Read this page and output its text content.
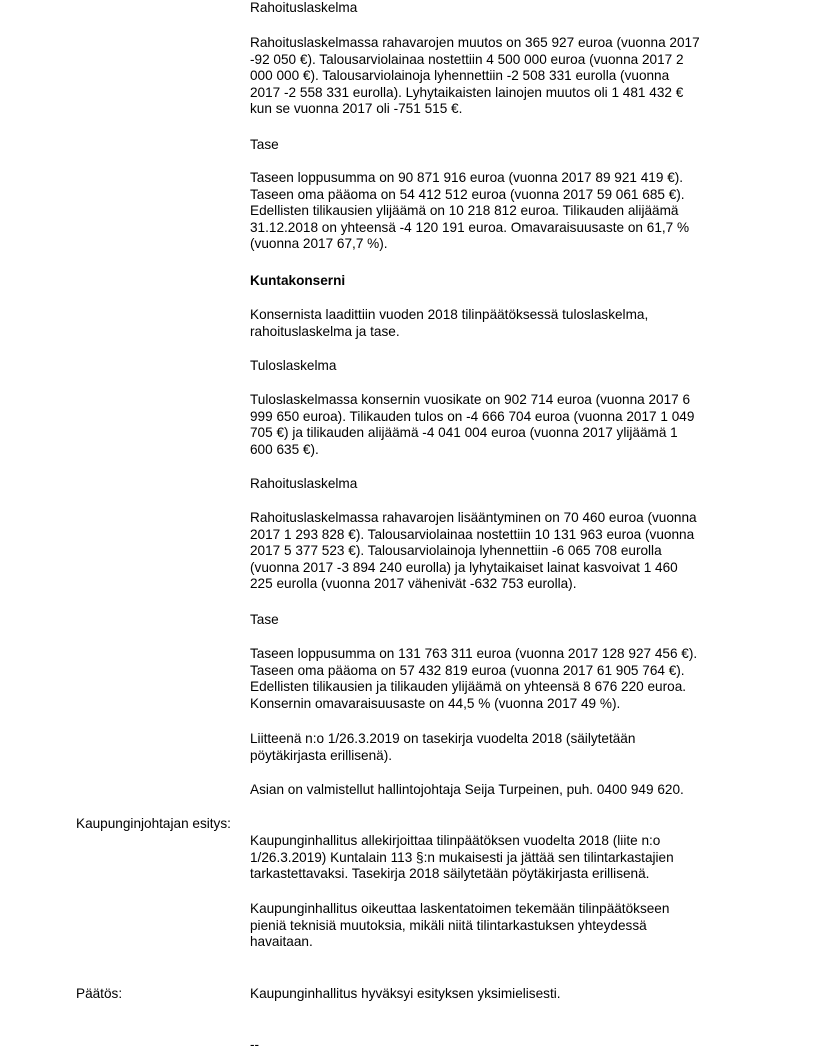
Rahoituslaskelma

Rahoituslaskelmassa rahavarojen muutos on 365 927 euroa (vuonna 2017
-92 050 €). Talousarviolainaa nostettiin 4 500 000 euroa (vuonna 2017 2
000 000 €). Talousarviolainoja lyhennettiin -2 508 331 eurolla (vuonna
2017 -2 558 331 eurolla). Lyhytaikaisten lainojen muutos oli 1 481 432 €
kun se vuonna 2017 oli -751 515 €.

Tase

Taseen loppusumma on 90 871 916 euroa (vuonna 2017 89 921 419 €).
Taseen oma pääoma on 54 412 512 euroa (vuonna 2017 59 061 685 €).
Edellisten tilikausien ylijäämä on 10 218 812 euroa. Tilikauden alijäämä
31.12.2018 on yhteensä -4 120 191 euroa. Omavaraisuusaste on 61,7 %
(vuonna 2017 67,7 %).

Kuntakonserni

Konsernista laadittiin vuoden 2018 tilinpäätöksessä tuloslaskelma,
rahoituslaskelma ja tase.

Tuloslaskelma

Tuloslaskelmassa konsernin vuosikate on 902 714 euroa (vuonna 2017 6
999 650 euroa). Tilikauden tulos on -4 666 704 euroa (vuonna 2017 1 049
705 €) ja tilikauden alijäämä -4 041 004 euroa (vuonna 2017 ylijäämä 1
600 635 €).

Rahoituslaskelma

Rahoituslaskelmassa rahavarojen lisääntyminen on 70 460 euroa (vuonna
2017 1 293 828 €). Talousarviolainaa nostettiin 10 131 963 euroa (vuonna
2017 5 377 523 €). Talousarviolainoja lyhennettiin -6 065 708 eurolla
(vuonna 2017 -3 894 240 eurolla) ja lyhytaikaiset lainat kasvoivat 1 460
225 eurolla (vuonna 2017 vähenivät -632 753 eurolla).

Tase

Taseen loppusumma on 131 763 311 euroa (vuonna 2017 128 927 456 €).
Taseen oma pääoma on 57 432 819 euroa (vuonna 2017 61 905 764 €).
Edellisten tilikausien ja tilikauden ylijäämä on yhteensä 8 676 220 euroa.
Konsernin omavaraisuusaste on 44,5 % (vuonna 2017 49 %).

Liitteenä n:o 1/26.3.2019 on tasekirja vuodelta 2018 (säilytetään
pöytäkirjasta erillisenä).

Asian on valmistellut hallintojohtaja Seija Turpeinen, puh. 0400 949 620.

Kaupunginjohtajan esitys:

Kaupunginhallitus allekirjoittaa tilinpäätöksen vuodelta 2018 (liite n:o
1/26.3.2019) Kuntalain 113 §:n mukaisesti ja jättää sen tilintarkastajien
tarkastettavaksi. Tasekirja 2018 säilytetään pöytäkirjasta erillisenä.

Kaupunginhallitus oikeuttaa laskentatoimen tekemään tilinpäätökseen
pieniä teknisiä muutoksia, mikäli niitä tilintarkastuksen yhteydessä
havaitaan.

Päätös:	Kaupunginhallitus hyväksyi esityksen yksimielisesti.

--
